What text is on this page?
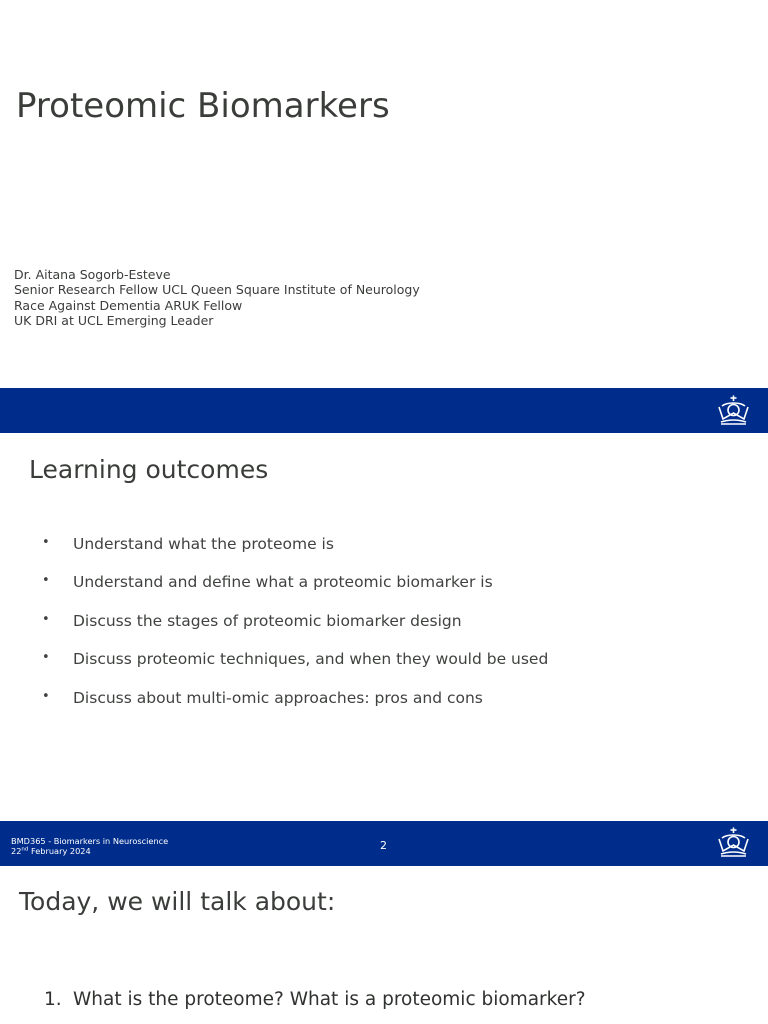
Proteomic Biomarkers
Dr. Aitana Sogorb-Esteve
Senior Research Fellow UCL Queen Square Institute of Neurology
Race Against Dementia ARUK Fellow
UK DRI at UCL Emerging Leader
Learning outcomes
• Understand what the proteome is
• Understand and define what a proteomic biomarker is
• Discuss the stages of proteomic biomarker design
• Discuss proteomic techniques, and when they would be used
• Discuss about multi-omic approaches: pros and cons
BMD365 - Biomarkers in Neuroscience
22nd February 2024	2
Today, we will talk about:
1. What is the proteome? What is a proteomic biomarker?
